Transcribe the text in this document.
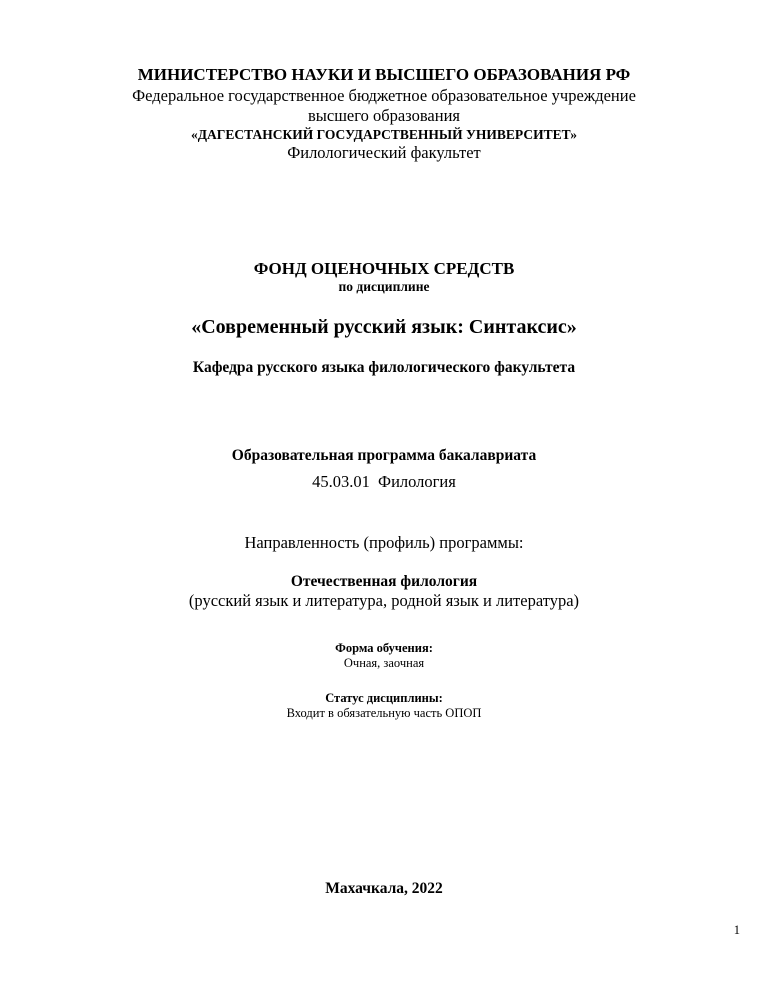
МИНИСТЕРСТВО НАУКИ И ВЫСШЕГО ОБРАЗОВАНИЯ РФ
Федеральное государственное бюджетное образовательное учреждение
высшего образования
«ДАГЕСТАНСКИЙ ГОСУДАРСТВЕННЫЙ УНИВЕРСИТЕТ»
Филологический факультет
ФОНД ОЦЕНОЧНЫХ СРЕДСТВ
по дисциплине
«Современный русский язык: Синтаксис»
Кафедра русского языка филологического факультета
Образовательная программа бакалавриата
45.03.01 Филология
Направленность (профиль) программы:
Отечественная филология
(русский язык и литература, родной язык и литература)
Форма обучения:
Очная, заочная
Статус дисциплины:
Входит в обязательную часть ОПОП
Махачкала, 2022
1
